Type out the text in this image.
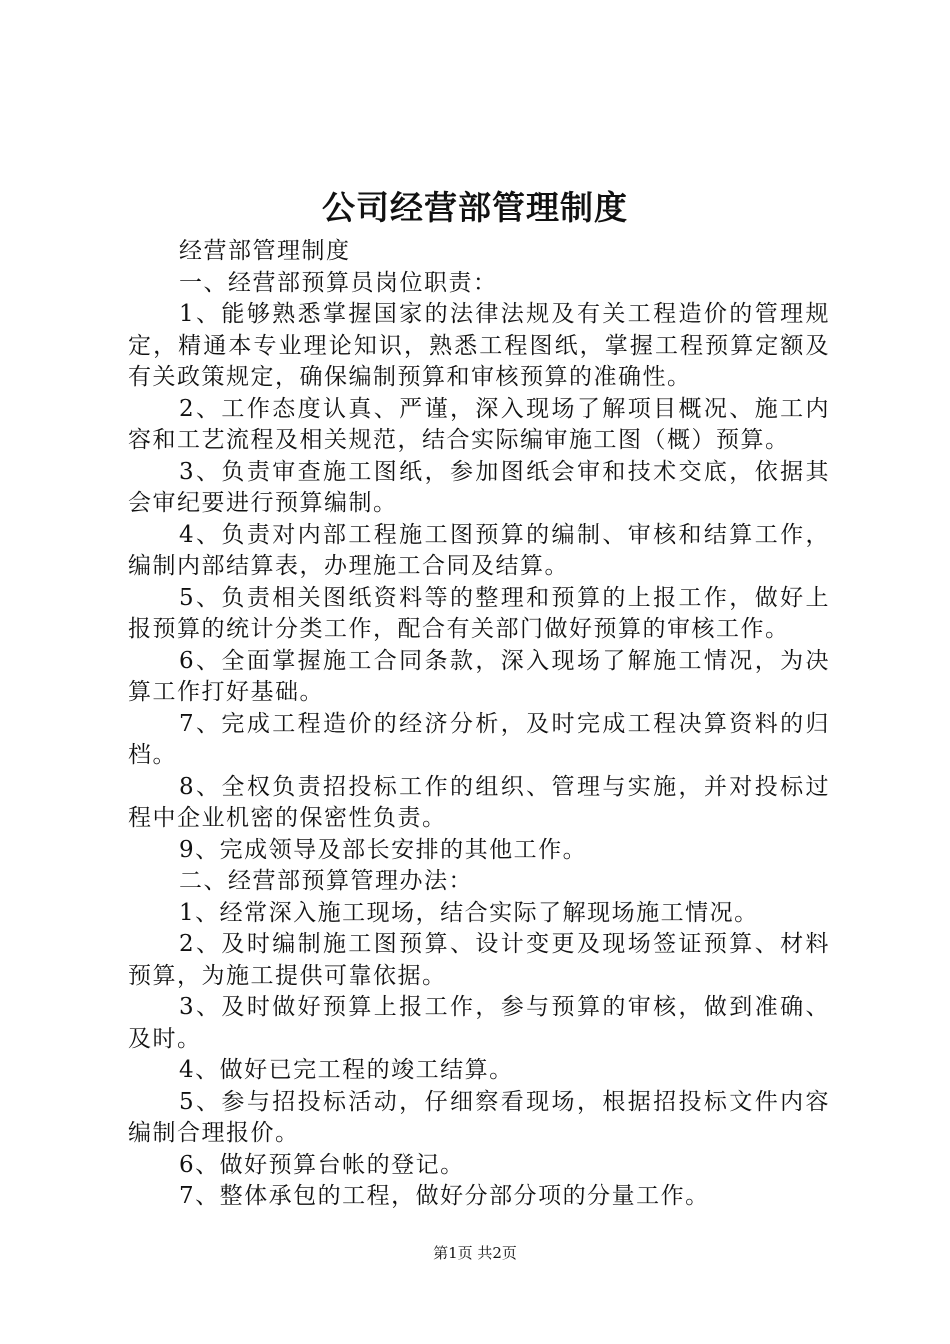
公司经营部管理制度

经营部管理制度

一、经营部预算员岗位职责：

1、能够熟悉掌握国家的法律法规及有关工程造价的管理规定，精通本专业理论知识，熟悉工程图纸，掌握工程预算定额及有关政策规定，确保编制预算和审核预算的准确性。

2、工作态度认真、严谨，深入现场了解项目概况、施工内容和工艺流程及相关规范，结合实际编审施工图（概）预算。

3、负责审查施工图纸，参加图纸会审和技术交底，依据其会审纪要进行预算编制。

4、负责对内部工程施工图预算的编制、审核和结算工作，编制内部结算表，办理施工合同及结算。

5、负责相关图纸资料等的整理和预算的上报工作，做好上报预算的统计分类工作，配合有关部门做好预算的审核工作。

6、全面掌握施工合同条款，深入现场了解施工情况，为决算工作打好基础。

7、完成工程造价的经济分析，及时完成工程决算资料的归档。

8、全权负责招投标工作的组织、管理与实施，并对投标过程中企业机密的保密性负责。

9、完成领导及部长安排的其他工作。

二、经营部预算管理办法：

1、经常深入施工现场，结合实际了解现场施工情况。

2、及时编制施工图预算、设计变更及现场签证预算、材料预算，为施工提供可靠依据。

3、及时做好预算上报工作，参与预算的审核，做到准确、及时。

4、做好已完工程的竣工结算。

5、参与招投标活动，仔细察看现场，根据招投标文件内容编制合理报价。

6、做好预算台帐的登记。

7、整体承包的工程，做好分部分项的分量工作。

第1页 共2页
